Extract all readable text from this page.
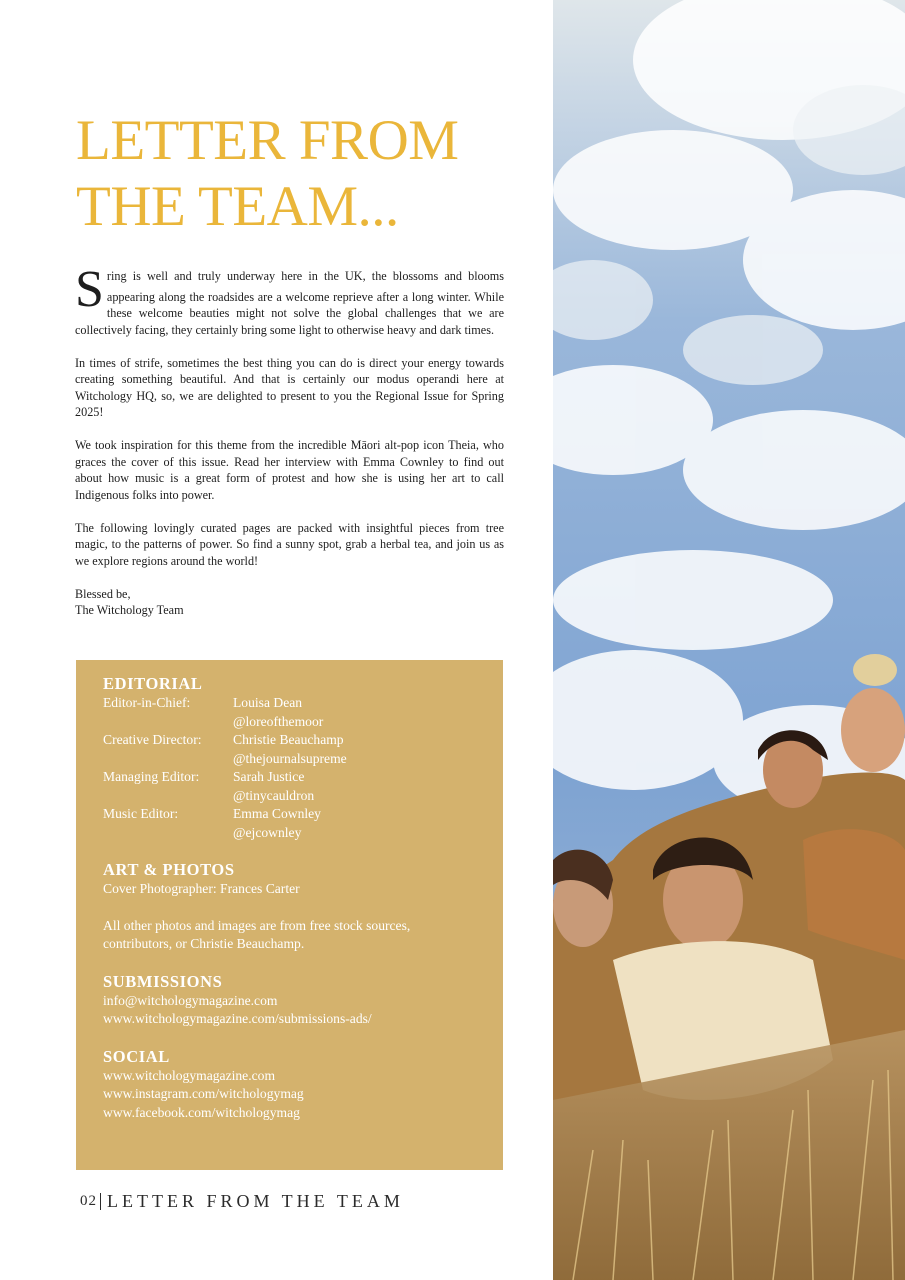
LETTER FROM
THE TEAM...

S
pring is well and truly underway here in the UK, the blossoms and blooms appearing along the roadsides are a welcome reprieve after a long winter. While these welcome beauties might not solve the global challenges that we are collectively facing, they certainly bring some light to otherwise heavy and dark times.

In times of strife, sometimes the best thing you can do is direct your energy towards creating something beautiful. And that is certainly our modus operandi here at Witchology HQ, so, we are delighted to present to you the Regional Issue for Spring 2025!

We took inspiration for this theme from the incredible Māori alt-pop icon Theia, who graces the cover of this issue. Read her interview with Emma Cownley to find out about how music is a great form of protest and how she is using her art to call Indigenous folks into power.

The following lovingly curated pages are packed with insightful pieces from tree magic, to the patterns of power. So find a sunny spot, grab a herbal tea, and join us as we explore regions around the world!

Blessed be,
The Witchology Team
EDITORIAL
Editor-in-Chief:	Louisa Dean
@loreofthemoor
Creative Director:	Christie Beauchamp
@thejournalsupreme
Managing Editor:	Sarah Justice
@tinycauldron
Music Editor:	Emma Cownley
@ejcownley
ART & PHOTOS

Cover Photographer: Frances Carter

All other photos and images are from free stock sources,

contributors, or Christie Beauchamp.

SUBMISSIONS

info@witchologymagazine.com

www.witchologymagazine.com/submissions-ads/

SOCIAL

www.witchologymagazine.com

www.instagram.com/witchologymag

www.facebook.com/witchologymag

02 LETTER FROM THE TEAM
